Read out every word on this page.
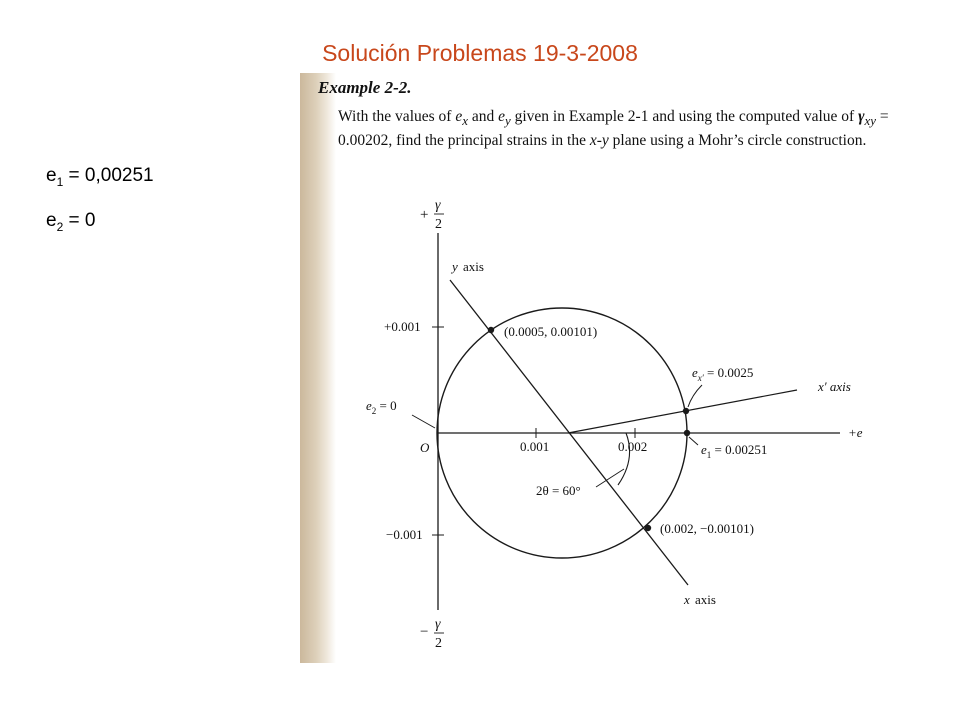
Solución Problemas 19-3-2008
$e_1 = 0,00251$
$e_2 = 0$
Example 2-2.
With the values of $e_x$ and $e_y$ given in Example 2-1 and using the computed value of $\gamma_{xy} = 0.00202$, find the principal strains in the x-y plane using a Mohr’s circle construction.
+
γ
2
− γ
2
+0.001
−0.001
0.001	0.002
O
+e
y axis
x axis
x′ axis
(0.0005, 0.00101)
(0.002, −0.00101)
$e_2 = 0$
$e_1 = 0.00251$
$e_{x'} = 0.0025$
2θ = 60°
